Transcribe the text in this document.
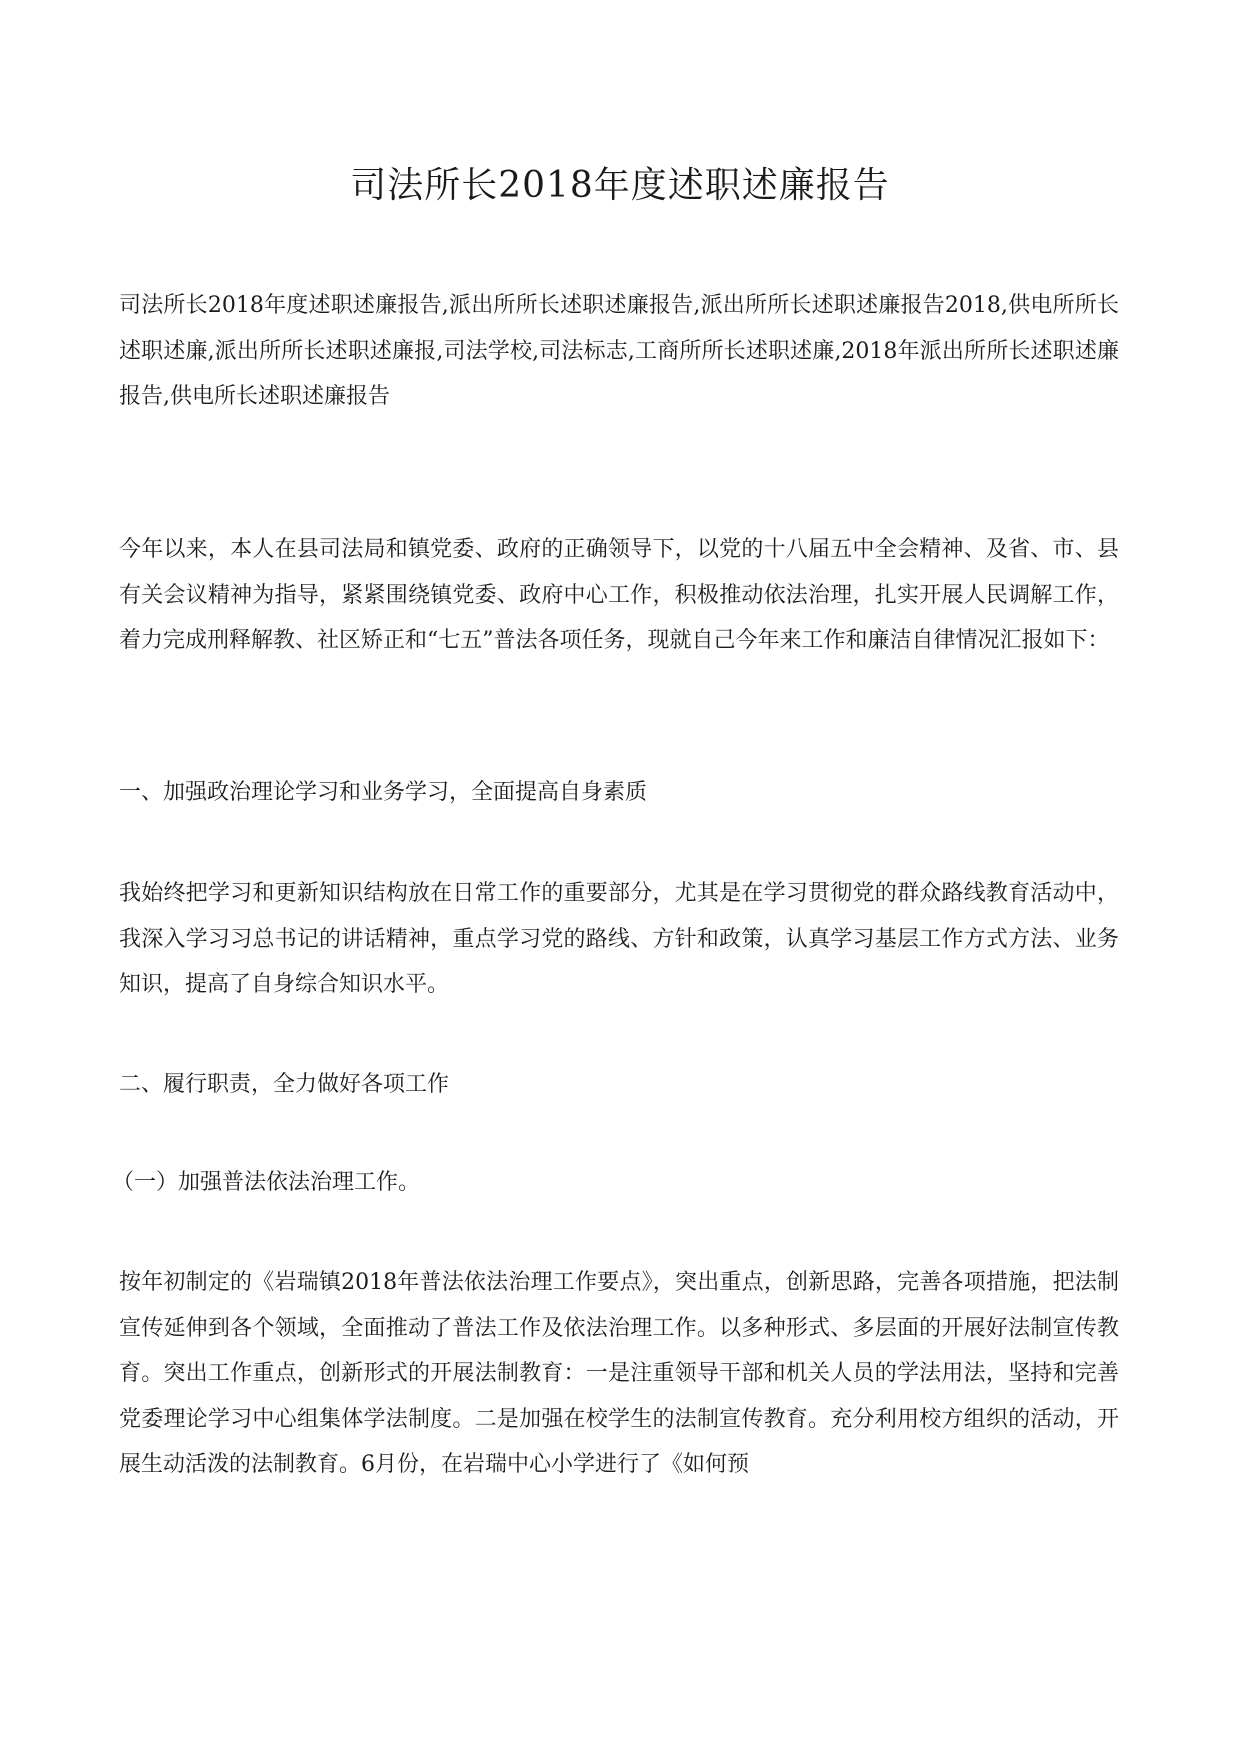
司法所长2018年度述职述廉报告

司法所长2018年度述职述廉报告,派出所所长述职述廉报告,派出所所长述职述廉报告2018,供电所所长述职述廉,派出所所长述职述廉报,司法学校,司法标志,工商所所长述职述廉,2018年派出所所长述职述廉报告,供电所长述职述廉报告

今年以来，本人在县司法局和镇党委、政府的正确领导下，以党的十八届五中全会精神、及省、市、县有关会议精神为指导，紧紧围绕镇党委、政府中心工作，积极推动依法治理，扎实开展人民调解工作，着力完成刑释解教、社区矫正和“七五”普法各项任务，现就自己今年来工作和廉洁自律情况汇报如下：

一、加强政治理论学习和业务学习，全面提高自身素质

我始终把学习和更新知识结构放在日常工作的重要部分，尤其是在学习贯彻党的群众路线教育活动中，我深入学习习总书记的讲话精神，重点学习党的路线、方针和政策，认真学习基层工作方式方法、业务知识，提高了自身综合知识水平。

二、履行职责，全力做好各项工作

（一）加强普法依法治理工作。

按年初制定的《岩瑞镇2018年普法依法治理工作要点》，突出重点，创新思路，完善各项措施，把法制宣传延伸到各个领域，全面推动了普法工作及依法治理工作。以多种形式、多层面的开展好法制宣传教育。突出工作重点，创新形式的开展法制教育：一是注重领导干部和机关人员的学法用法，坚持和完善党委理论学习中心组集体学法制度。二是加强在校学生的法制宣传教育。充分利用校方组织的活动，开展生动活泼的法制教育。6月份，在岩瑞中心小学进行了《如何预
